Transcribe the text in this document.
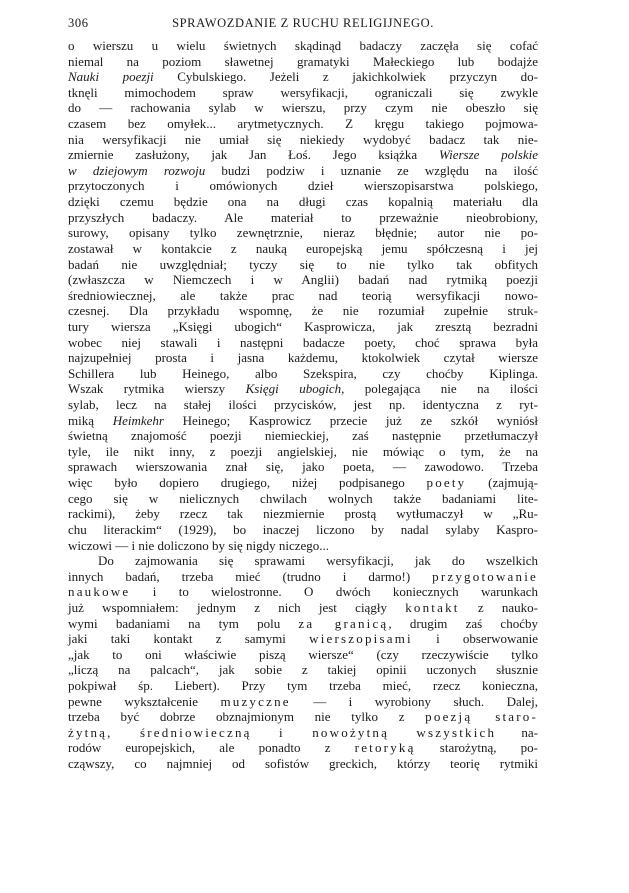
306	SPRAWOZDANIE Z RUCHU RELIGIJNEGO.
o wierszu u wielu świetnych skądinąd badaczy zaczęła się cofać
niemal na poziom sławetnej gramatyki Małeckiego lub bodajże
Nauki poezji Cybulskiego. Jeżeli z jakichkolwiek przyczyn do-
tknęli mimochodem spraw wersyfikacji, ograniczali się zwykle
do — rachowania sylab w wierszu, przy czym nie obeszło się
czasem bez omyłek... arytmetycznych. Z kręgu takiego pojmowa-
nia wersyfikacji nie umiał się niekiedy wydobyć badacz tak nie-
zmiernie zasłużony, jak Jan Łoś. Jego książka Wiersze polskie
w dziejowym rozwoju budzi podziw i uznanie ze względu na ilość
przytoczonych i omówionych dzieł wierszopisarstwa polskiego,
dzięki czemu będzie ona na długi czas kopalnią materiału dla
przyszłych badaczy. Ale materiał to przeważnie nieobrobiony,
surowy, opisany tylko zewnętrznie, nieraz błędnie; autor nie po-
zostawał w kontakcie z nauką europejską jemu spółczesną i jej
badań nie uwzględniał; tyczy się to nie tylko tak obfitych
(zwłaszcza w Niemczech i w Anglii) badań nad rytmiką poezji
średniowiecznej, ale także prac nad teorią wersyfikacji nowo-
czesnej. Dla przykładu wspomnę, że nie rozumiał zupełnie struk-
tury wiersza „Księgi ubogich“ Kasprowicza, jak zresztą bezradni
wobec niej stawali i następni badacze poety, choć sprawa była
najzupełniej prosta i jasna każdemu, ktokolwiek czytał wiersze
Schillera lub Heinego, albo Szekspira, czy choćby Kiplinga.
Wszak rytmika wierszy Księgi ubogich, polegająca nie na ilości
sylab, lecz na stałej ilości przycisków, jest np. identyczna z ryt-
miką Heimkehr Heinego; Kasprowicz przecie już ze szkół wyniósł
świetną znajomość poezji niemieckiej, zaś następnie przetłumaczył
tyle, ile nikt inny, z poezji angielskiej, nie mówiąc o tym, że na
sprawach wierszowania znał się, jako poeta, — zawodowo. Trzeba
więc było dopiero drugiego, niżej podpisanego poety (zajmują-
cego się w nielicznych chwilach wolnych także badaniami lite-
rackimi), żeby rzecz tak niezmiernie prostą wytłumaczył w „Ru-
chu literackim“ (1929), bo inaczej liczono by nadal sylaby Kaspro-
wiczowi — i nie doliczono by się nigdy niczego...
Do zajmowania się sprawami wersyfikacji, jak do wszelkich
innych badań, trzeba mieć (trudno i darmo!) przygotowanie
naukowe i to wielostronne. O dwóch koniecznych warunkach
już wspomniałem: jednym z nich jest ciągły kontakt z nauko-
wymi badaniami na tym polu za granicą, drugim zaś choćby
jaki taki kontakt z samymi wierszopisami i obserwowanie
„jak to oni właściwie piszą wiersze“ (czy rzeczywiście tylko
„liczą na palcach“, jak sobie z takiej opinii uczonych słusznie
pokpiwał śp. Liebert). Przy tym trzeba mieć, rzecz konieczna,
pewne wykształcenie muzyczne — i wyrobiony słuch. Dalej,
trzeba być dobrze obznajmionym nie tylko z poezją staro-
żytną, średniowieczną i nowożytną wszystkich na-
rodów europejskich, ale ponadto z retoryką starożytną, po-
cząwszy, co najmniej od sofistów greckich, którzy teorię rytmiki
